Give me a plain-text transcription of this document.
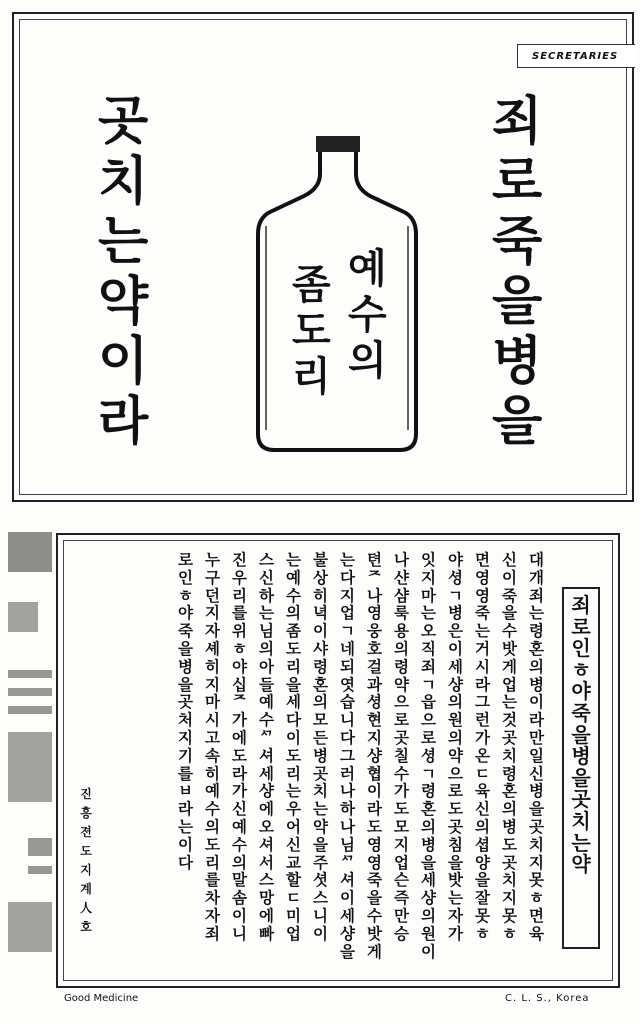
SECRETARIES
죄
로
죽
을
병
을
곳
치
는
약
이
라
예
수
의
좀
도
리
죄
로
인
ㅎ
야
죽
을
병
을
곳
치
는
약
대
개
죄
는
령
혼
의
병
이
라
만
일
신
병
을
곳
치
지
못
ㅎ
면
육
신
이
죽
을
수
밧
게
업
는
것
곳
치
령
혼
의
병
도
곳
치
지
못
ㅎ
면
영
영
죽
는
거
시
라
그
런
가
온
ㄷ
육
신
의
셥
양
을
잘
못
ㅎ
야
셩
ㄱ
병
은
이
세
샹
의
원
의
약
으
로
도
곳
침
을
밧
는
자
가
잇
지
마
는
오
직
죄
ㄱ
읍
으
로
셩
ㄱ
령
혼
의
병
을
세
샹
의
원
이
나
샨
샴
룩
용
의
령
약
으
로
곳
칠
수
가
도
모
지
업
슨
즉
만
승
텬
ᄌ
나
영
웅
호
걸
과
셩
현
지
샹
협
이
라
도
영
영
죽
을
수
밧
게
는
다
지
업
ㄱ
네
되
엿
습
니
다
그
러
나
하
나
님
ᄭ
셔
이
세
샹
을
불
상
히
녁
이
샤
령
혼
의
모
든
병
곳
치
는
약
을
주
셧
스
니
이
는
예
수
의
좀
도
리
을
세
다
이
도
리
는
우
어
신
교
할
ㄷ
미
업
스
신
하
는
님
의
아
들
예
수
ᄭ
셔
세
샹
에
오
셔
서
스
망
에
빠
진
우
리
를
위
ㅎ
야
십
ᄌ
가
에
도
라
가
신
예
수
의
말
솜
이
니
누
구
던
지
자
셰
히
지
마
시
고
속
히
예
수
의
도
리
를
차
자
죄
로
인
ㅎ
야
죽
을
병
을
곳
처
지
기
를
ㅂ
라
는
이
다
진
흥
젼
도
지
계
人
호
Good Medicine	C. L. S., Korea
